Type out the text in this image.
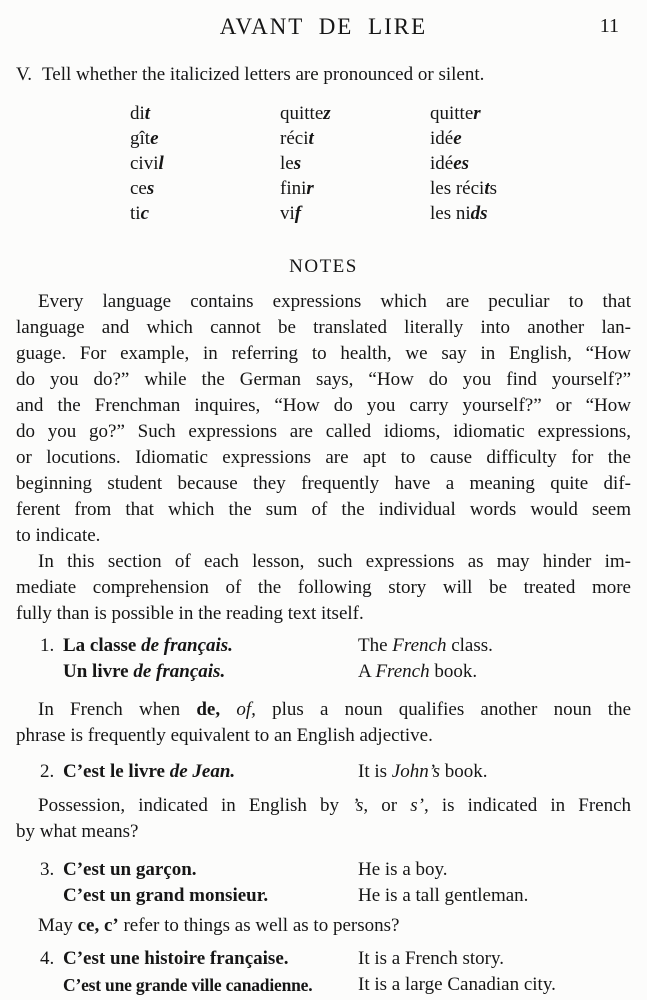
AVANT DE LIRE	11
V. Tell whether the italicized letters are pronounced or silent.
dit	quittez	quitter
gîte	récit	idée
civil	les	idées
ces	finir	les récits
tic	vif	les nids
NOTES
Every language contains expressions which are peculiar to that
language and which cannot be translated literally into another lan-
guage. For example, in referring to health, we say in English, “How
do you do?” while the German says, “How do you find yourself?”
and the Frenchman inquires, “How do you carry yourself?” or “How
do you go?” Such expressions are called idioms, idiomatic expressions,
or locutions. Idiomatic expressions are apt to cause difficulty for the
beginning student because they frequently have a meaning quite dif-
ferent from that which the sum of the individual words would seem
to indicate.
In this section of each lesson, such expressions as may hinder im-
mediate comprehension of the following story will be treated more
fully than is possible in the reading text itself.
1. La classe de français.	The French class.
Un livre de français.	A French book.
In French when de, of, plus a noun qualifies another noun the
phrase is frequently equivalent to an English adjective.
2. C’est le livre de Jean.	It is John’s book.
Possession, indicated in English by ’s, or s’, is indicated in French
by what means?
3. C’est un garçon.	He is a boy.
C’est un grand monsieur.	He is a tall gentleman.
May ce, c’ refer to things as well as to persons?
4. C’est une histoire française.	It is a French story.
C’est une grande ville canadienne.	It is a large Canadian city.
